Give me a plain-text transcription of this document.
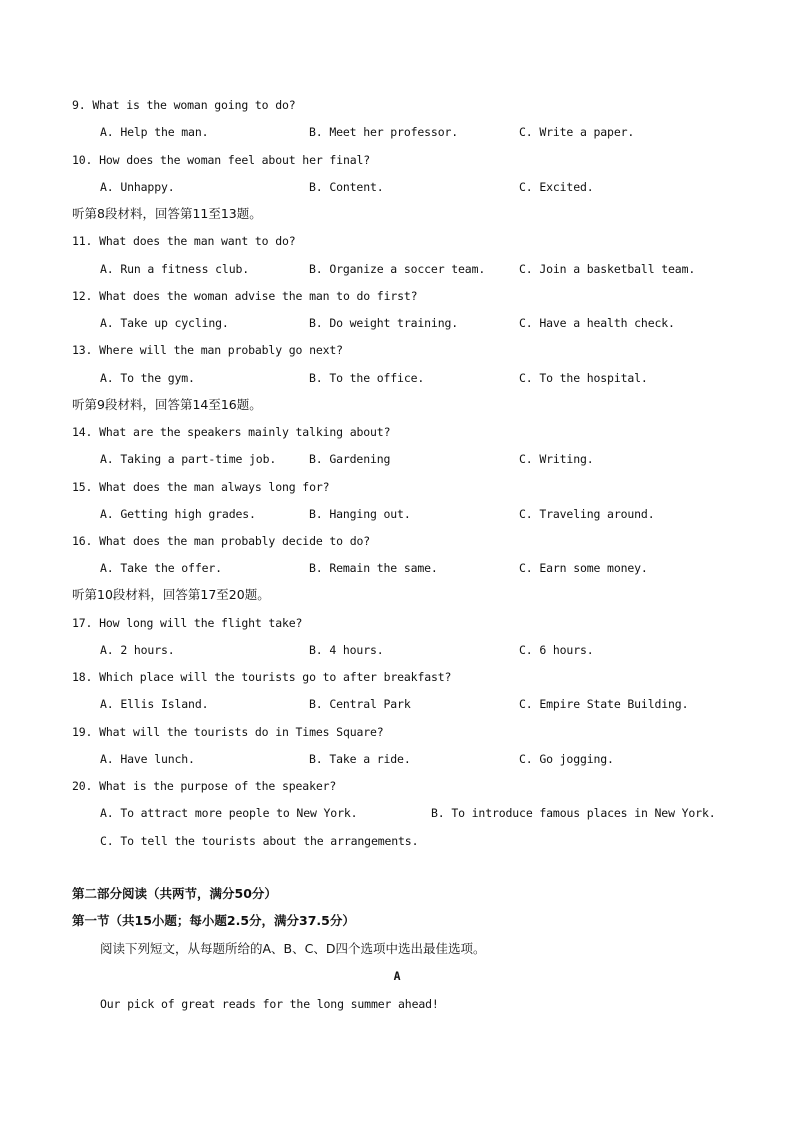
9. What is the woman going to do?
A. Help the man.	B. Meet her professor.	C. Write a paper.
10. How does the woman feel about her final?
A. Unhappy.	B. Content.	C. Excited.
听第8段材料，回答第11至13题。
11. What does the man want to do?
A. Run a fitness club.	B. Organize a soccer team.	C. Join a basketball team.
12. What does the woman advise the man to do first?
A. Take up cycling.	B. Do weight training.	C. Have a health check.
13. Where will the man probably go next?
A. To the gym.	B. To the office.	C. To the hospital.
听第9段材料，回答第14至16题。
14. What are the speakers mainly talking about?
A. Taking a part-time job.	B. Gardening	C. Writing.
15. What does the man always long for?
A. Getting high grades.	B. Hanging out.	C. Traveling around.
16. What does the man probably decide to do?
A. Take the offer.	B. Remain the same.	C. Earn some money.
听第10段材料，回答第17至20题。
17. How long will the flight take?
A. 2 hours.	B. 4 hours.	C. 6 hours.
18. Which place will the tourists go to after breakfast?
A. Ellis Island.	B. Central Park	C. Empire State Building.
19. What will the tourists do in Times Square?
A. Have lunch.	B. Take a ride.	C. Go jogging.
20. What is the purpose of the speaker?
A. To attract more people to New York.	B. To introduce famous places in New York.
C. To tell the tourists about the arrangements.
第二部分阅读（共两节，满分50分）
第一节（共15小题；每小题2.5分，满分37.5分）
阅读下列短文，从每题所给的A、B、C、D四个选项中选出最佳选项。
A
Our pick of great reads for the long summer ahead!
